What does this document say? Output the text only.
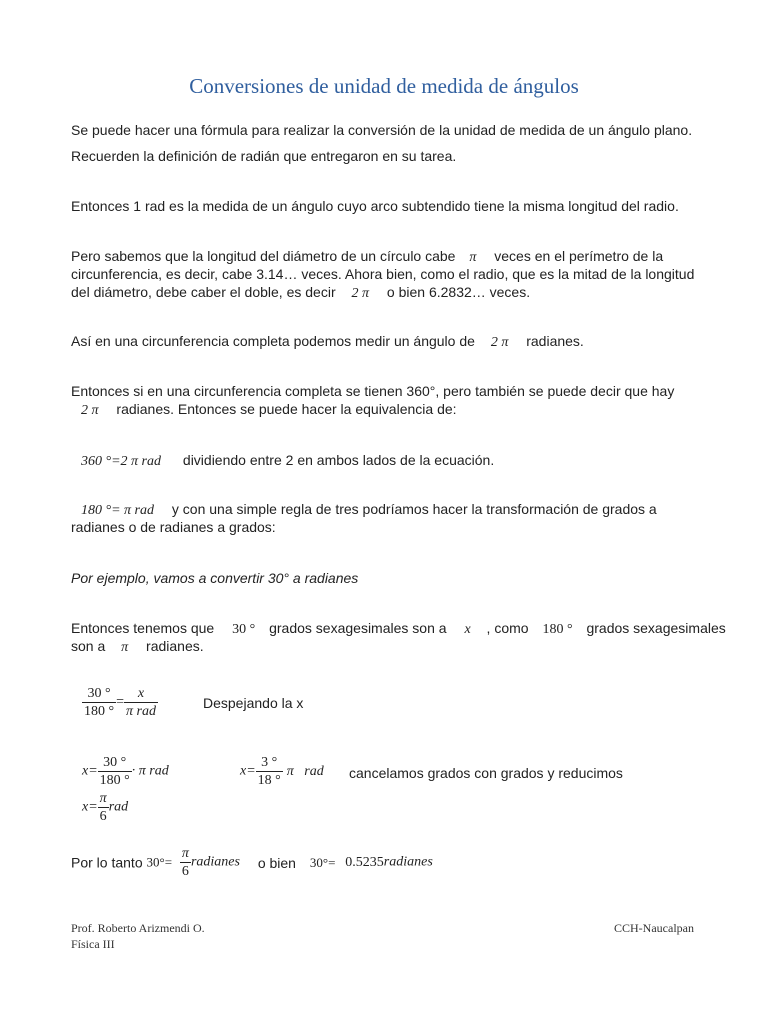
Conversiones de unidad de medida de ángulos
Se puede hacer una fórmula para realizar la conversión de la unidad de medida de un ángulo plano.
Recuerden la definición de radián que entregaron en su tarea.
Entonces 1 rad es la medida de un ángulo cuyo arco subtendido tiene la misma longitud del radio.
Pero sabemos que la longitud del diámetro de un círculo cabe π veces en el perímetro de la
circunferencia, es decir, cabe 3.14… veces. Ahora bien, como el radio, que es la mitad de la longitud
del diámetro, debe caber el doble, es decir 2 π o bien 6.2832… veces.
Así en una circunferencia completa podemos medir un ángulo de 2 π radianes.
Entonces si en una circunferencia completa se tienen 360°, pero también se puede decir que hay
2 π radianes. Entonces se puede hacer la equivalencia de:
360 °=2 π rad dividiendo entre 2 en ambos lados de la ecuación.
180 °= π rad y con una simple regla de tres podríamos hacer la transformación de grados a
radianes o de radianes a grados:
Por ejemplo, vamos a convertir 30° a radianes
Entonces tenemos que 30 ° grados sexagesimales son a x , como 180 ° grados sexagesimales
son a π radianes.
$\frac{30 ^\circ}{180 ^\circ} = \frac{x}{\text{π rad}}$	Despejando la x
$x= \frac{30 ^\circ}{180 ^\circ} \cdot \pi$ rad	$x= \frac{3 ^\circ}{18 ^\circ}$ π   rad cancelamos grados con grados y reducimos
$x= \frac{\pi}{6}$ rad
Por lo tanto $30^\circ= \frac{\pi}{6}$ radianes o bien 30°= 0.5235radianes
Prof. Roberto Arizmendi O.
Física III
CCH-Naucalpan
